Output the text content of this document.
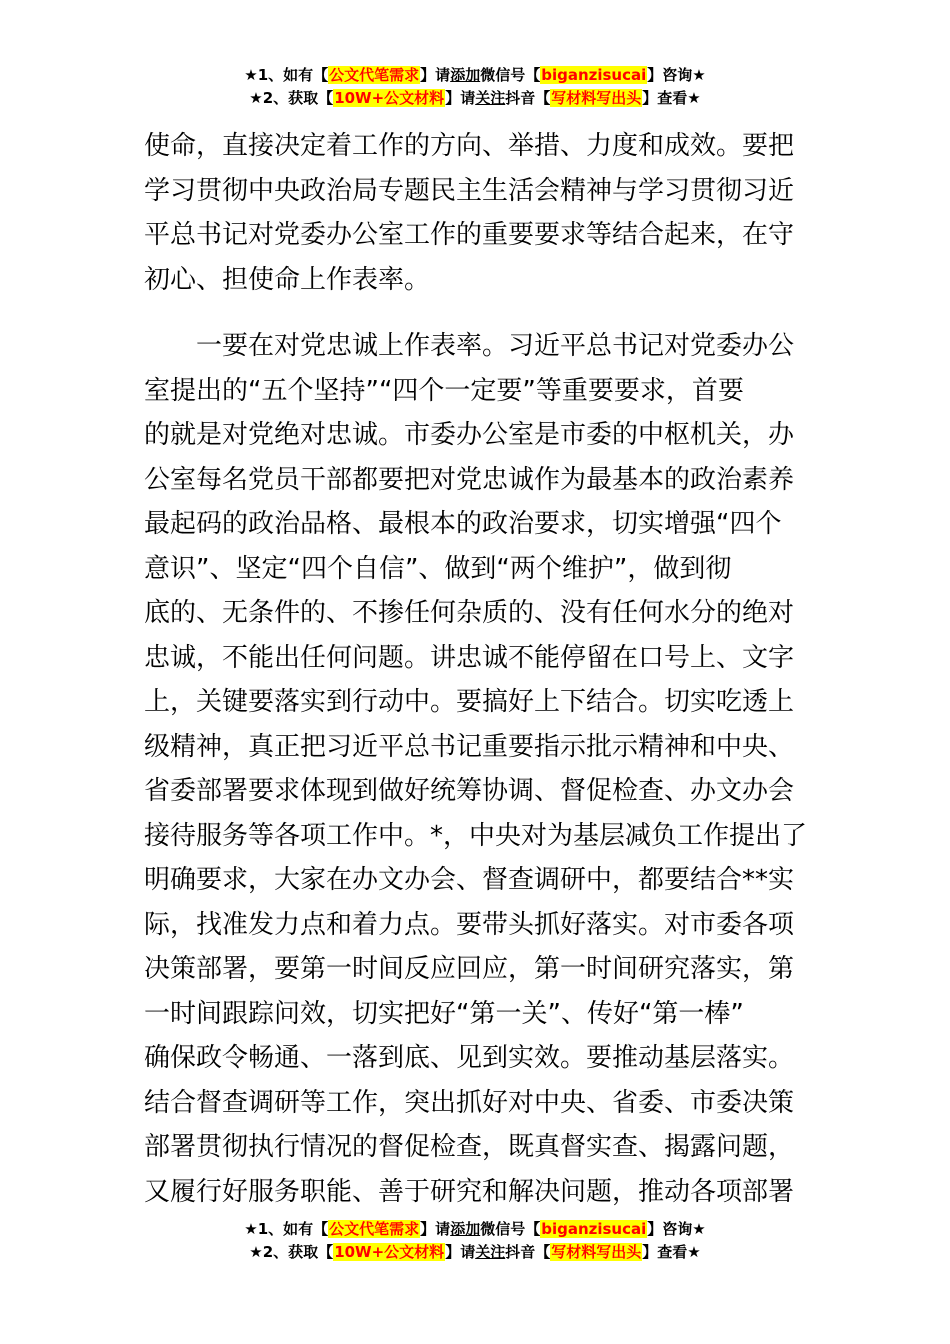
★1、如有【公文代笔需求】请添加微信号【biganzisucai】咨询★
★2、获取【10W+公文材料】请关注抖音【写材料写出头】查看★

使命，直接决定着工作的方向、举措、力度和成效。要把
学习贯彻中央政治局专题民主生活会精神与学习贯彻习近
平总书记对党委办公室工作的重要要求等结合起来，在守
初心、担使命上作表率。

一要在对党忠诚上作表率。习近平总书记对党委办公
室提出的“五个坚持”“四个一定要”等重要要求，首要
的就是对党绝对忠诚。市委办公室是市委的中枢机关，办
公室每名党员干部都要把对党忠诚作为最基本的政治素养
最起码的政治品格、最根本的政治要求，切实增强“四个
意识”、坚定“四个自信”、做到“两个维护”，做到彻
底的、无条件的、不掺任何杂质的、没有任何水分的绝对
忠诚，不能出任何问题。讲忠诚不能停留在口号上、文字
上，关键要落实到行动中。要搞好上下结合。切实吃透上
级精神，真正把习近平总书记重要指示批示精神和中央、
省委部署要求体现到做好统筹协调、督促检查、办文办会
接待服务等各项工作中。*，中央对为基层减负工作提出了
明确要求，大家在办文办会、督查调研中，都要结合**实
际，找准发力点和着力点。要带头抓好落实。对市委各项
决策部署，要第一时间反应回应，第一时间研究落实，第
一时间跟踪问效，切实把好“第一关”、传好“第一棒”
确保政令畅通、一落到底、见到实效。要推动基层落实。
结合督查调研等工作，突出抓好对中央、省委、市委决策
部署贯彻执行情况的督促检查，既真督实查、揭露问题，
又履行好服务职能、善于研究和解决问题，推动各项部署

★1、如有【公文代笔需求】请添加微信号【biganzisucai】咨询★
★2、获取【10W+公文材料】请关注抖音【写材料写出头】查看★
